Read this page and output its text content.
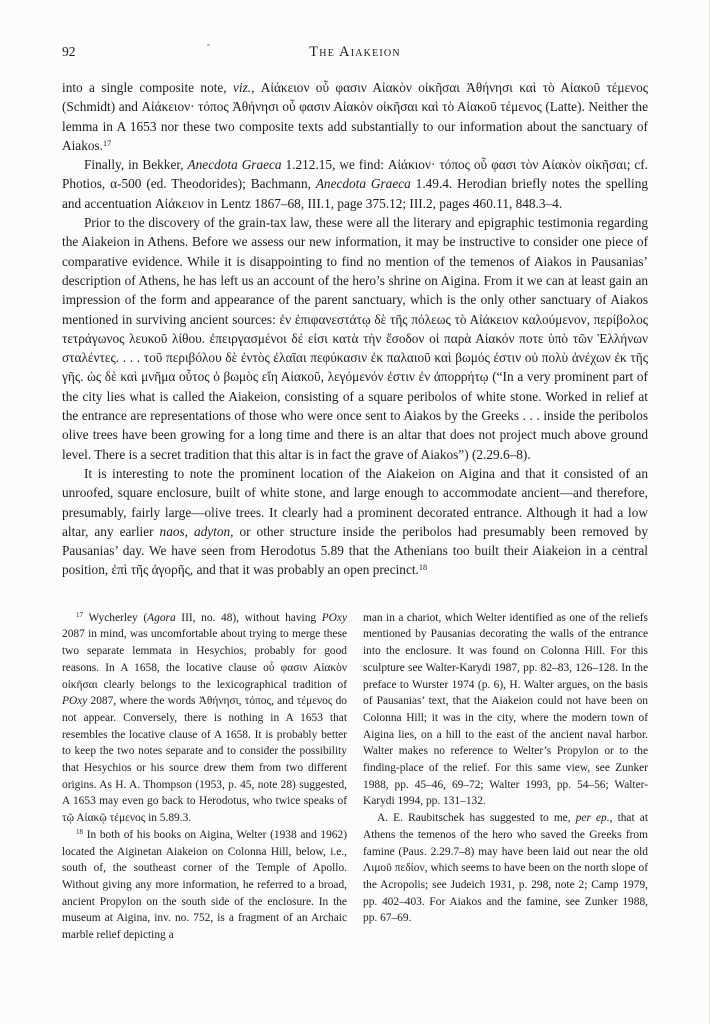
92	The Aiakeion

into a single composite note, viz., Αἰάκειον οὗ φασιν Αἰακὸν οἰκῆσαι Ἀθήνησι καὶ τὸ Αἰακοῦ τέμενος (Schmidt) and Αἰάκειον· τόπος Ἀθήνησι οὗ φασιν Αἰακὸν οἰκῆσαι καὶ τὸ Αἰακοῦ τέμενος (Latte). Neither the lemma in A 1653 nor these two composite texts add substantially to our information about the sanctuary of Aiakos.$^{17}$

Finally, in Bekker, Anecdota Graeca 1.212.15, we find: Αἰάκιον· τόπος οὗ φασι τὸν Αἰακὸν οἰκῆσαι; cf. Photios, α-500 (ed. Theodorides); Bachmann, Anecdota Graeca 1.49.4. Herodian briefly notes the spelling and accentuation Αἰάκειον in Lentz 1867–68, III.1, page 375.12; III.2, pages 460.11, 848.3–4.

Prior to the discovery of the grain-tax law, these were all the literary and epigraphic testimonia regarding the Aiakeion in Athens. Before we assess our new information, it may be instructive to consider one piece of comparative evidence. While it is disappointing to find no mention of the temenos of Aiakos in Pausanias’ description of Athens, he has left us an account of the hero’s shrine on Aigina. From it we can at least gain an impression of the form and appearance of the parent sanctuary, which is the only other sanctuary of Aiakos mentioned in surviving ancient sources: ἐν ἐπιφανεστάτῳ δὲ τῆς πόλεως τὸ Αἰάκειον καλούμενον, περίβολος τετράγωνος λευκοῦ λίθου. ἐπειργασμένοι δέ εἰσι κατὰ τὴν ἔσοδον οἱ παρὰ Αἰακόν ποτε ὑπὸ τῶν Ἑλλήνων σταλέντες. . . . τοῦ περιβόλου δὲ ἐντὸς ἐλαῖαι πεφύκασιν ἐκ παλαιοῦ καὶ βωμός ἐστιν οὐ πολὺ ἀνέχων ἐκ τῆς γῆς. ὡς δὲ καὶ μνῆμα οὗτος ὁ βωμὸς εἴη Αἰακοῦ, λεγόμενόν ἐστιν ἐν ἀπορρήτῳ (“In a very prominent part of the city lies what is called the Aiakeion, consisting of a square peribolos of white stone. Worked in relief at the entrance are representations of those who were once sent to Aiakos by the Greeks . . . inside the peribolos olive trees have been growing for a long time and there is an altar that does not project much above ground level. There is a secret tradition that this altar is in fact the grave of Aiakos”) (2.29.6–8).

It is interesting to note the prominent location of the Aiakeion on Aigina and that it consisted of an unroofed, square enclosure, built of white stone, and large enough to accommodate ancient—and therefore, presumably, fairly large—olive trees. It clearly had a prominent decorated entrance. Although it had a low altar, any earlier naos, adyton, or other structure inside the peribolos had presumably been removed by Pausanias’ day. We have seen from Herodotus 5.89 that the Athenians too built their Aiakeion in a central position, ἐπὶ τῆς ἀγορῆς, and that it was probably an open precinct.$^{18}$

$^{17}$ Wycherley (Agora III, no. 48), without having POxy 2087 in mind, was uncomfortable about trying to merge these two separate lemmata in Hesychios, probably for good reasons. In A 1658, the locative clause οὗ φασιν Αἰακὸν οἰκῆσαι clearly belongs to the lexicographical tradition of POxy 2087, where the words Ἀθήνησι, τόπος, and τέμενος do not appear. Conversely, there is nothing in A 1653 that resembles the locative clause of A 1658. It is probably better to keep the two notes separate and to consider the possibility that Hesychios or his source drew them from two different origins. As H. A. Thompson (1953, p. 45, note 28) suggested, A 1653 may even go back to Herodotus, who twice speaks of τῷ Αἰακῷ τέμενος in 5.89.3.

$^{18}$ In both of his books on Aigina, Welter (1938 and 1962) located the Aiginetan Aiakeion on Colonna Hill, below, i.e., south of, the southeast corner of the Temple of Apollo. Without giving any more information, he referred to a broad, ancient Propylon on the south side of the enclosure. In the museum at Aigina, inv. no. 752, is a fragment of an Archaic marble relief depicting a

man in a chariot, which Welter identified as one of the reliefs mentioned by Pausanias decorating the walls of the entrance into the enclosure. It was found on Colonna Hill. For this sculpture see Walter-Karydi 1987, pp. 82–83, 126–128. In the preface to Wurster 1974 (p. 6), H. Walter argues, on the basis of Pausanias’ text, that the Aiakeion could not have been on Colonna Hill; it was in the city, where the modern town of Aigina lies, on a hill to the east of the ancient naval harbor. Walter makes no reference to Welter’s Propylon or to the finding-place of the relief. For this same view, see Zunker 1988, pp. 45–46, 69–72; Walter 1993, pp. 54–56; Walter-Karydi 1994, pp. 131–132.

A. E. Raubitschek has suggested to me, per ep., that at Athens the temenos of the hero who saved the Greeks from famine (Paus. 2.29.7–8) may have been laid out near the old Λιμοῦ πεδίον, which seems to have been on the north slope of the Acropolis; see Judeich 1931, p. 298, note 2; Camp 1979, pp. 402–403. For Aiakos and the famine, see Zunker 1988, pp. 67–69.
